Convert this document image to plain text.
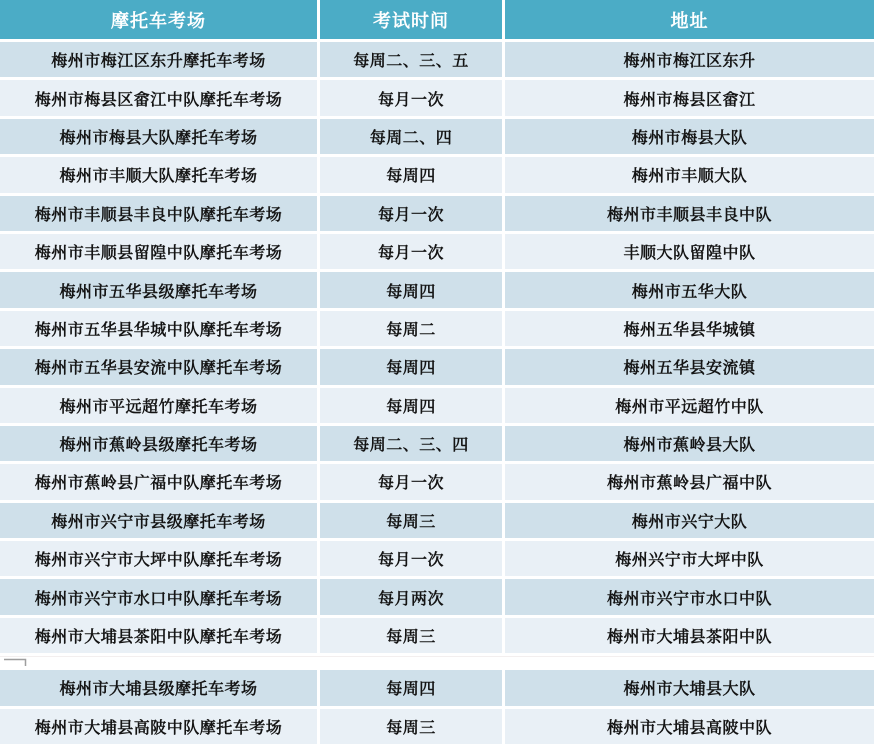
摩托车考场	考试时间	地址
梅州市梅江区东升摩托车考场	每周二、三、五	梅州市梅江区东升
梅州市梅县区畲江中队摩托车考场	每月一次	梅州市梅县区畲江
梅州市梅县大队摩托车考场	每周二、四	梅州市梅县大队
梅州市丰顺大队摩托车考场	每周四	梅州市丰顺大队
梅州市丰顺县丰良中队摩托车考场	每月一次	梅州市丰顺县丰良中队
梅州市丰顺县留隍中队摩托车考场	每月一次	丰顺大队留隍中队
梅州市五华县级摩托车考场	每周四	梅州市五华大队
梅州市五华县华城中队摩托车考场	每周二	梅州五华县华城镇
梅州市五华县安流中队摩托车考场	每周四	梅州五华县安流镇
梅州市平远超竹摩托车考场	每周四	梅州市平远超竹中队
梅州市蕉岭县级摩托车考场	每周二、三、四	梅州市蕉岭县大队
梅州市蕉岭县广福中队摩托车考场	每月一次	梅州市蕉岭县广福中队
梅州市兴宁市县级摩托车考场	每周三	梅州市兴宁大队
梅州市兴宁市大坪中队摩托车考场	每月一次	梅州兴宁市大坪中队
梅州市兴宁市水口中队摩托车考场	每月两次	梅州市兴宁市水口中队
梅州市大埔县茶阳中队摩托车考场	每周三	梅州市大埔县茶阳中队
梅州市大埔县级摩托车考场	每周四	梅州市大埔县大队
梅州市大埔县高陂中队摩托车考场	每周三	梅州市大埔县高陂中队
